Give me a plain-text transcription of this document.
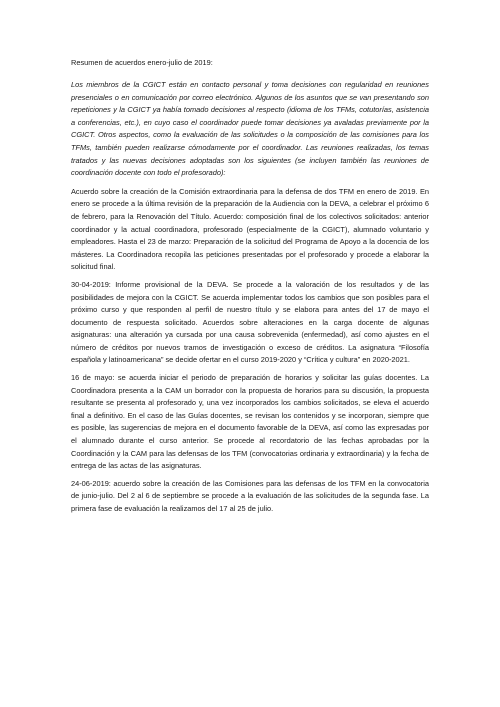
Resumen de acuerdos enero-julio de 2019:

Los miembros de la CGICT están en contacto personal y toma decisiones con regularidad en reuniones presenciales o en comunicación por correo electrónico. Algunos de los asuntos que se van presentando son repeticiones y la CGICT ya había tomado decisiones al respecto (idioma de los TFMs, cotutorías, asistencia a conferencias, etc.), en cuyo caso el coordinador puede tomar decisiones ya avaladas previamente por la CGICT. Otros aspectos, como la evaluación de las solicitudes o la composición de las comisiones para los TFMs, también pueden realizarse cómodamente por el coordinador. Las reuniones realizadas, los temas tratados y las nuevas decisiones adoptadas son los siguientes (se incluyen también las reuniones de coordinación docente con todo el profesorado):

Acuerdo sobre la creación de la Comisión extraordinaria para la defensa de dos TFM en enero de 2019. En enero se procede a la última revisión de la preparación de la Audiencia con la DEVA, a celebrar el próximo 6 de febrero, para la Renovación del Título. Acuerdo: composición final de los colectivos solicitados: anterior coordinador y la actual coordinadora, profesorado (especialmente de la CGICT), alumnado voluntario y empleadores. Hasta el 23 de marzo: Preparación de la solicitud del Programa de Apoyo a la docencia de los másteres. La Coordinadora recopila las peticiones presentadas por el profesorado y procede a elaborar la solicitud final.

30-04-2019: Informe provisional de la DEVA. Se procede a la valoración de los resultados y de las posibilidades de mejora con la CGICT. Se acuerda implementar todos los cambios que son posibles para el próximo curso y que responden al perfil de nuestro título y se elabora para antes del 17 de mayo el documento de respuesta solicitado. Acuerdos sobre alteraciones en la carga docente de algunas asignaturas: una alteración ya cursada por una causa sobrevenida (enfermedad), así como ajustes en el número de créditos por nuevos tramos de investigación o exceso de créditos. La asignatura “Filosofía española y latinoamericana” se decide ofertar en el curso 2019-2020 y “Crítica y cultura” en 2020-2021.

16 de mayo: se acuerda iniciar el periodo de preparación de horarios y solicitar las guías docentes. La Coordinadora presenta a la CAM un borrador con la propuesta de horarios para su discusión, la propuesta resultante se presenta al profesorado y, una vez incorporados los cambios solicitados, se eleva el acuerdo final a definitivo. En el caso de las Guías docentes, se revisan los contenidos y se incorporan, siempre que es posible, las sugerencias de mejora en el documento favorable de la DEVA, así como las expresadas por el alumnado durante el curso anterior. Se procede al recordatorio de las fechas aprobadas por la Coordinación y la CAM para las defensas de los TFM (convocatorias ordinaria y extraordinaria) y la fecha de entrega de las actas de las asignaturas.

24-06-2019: acuerdo sobre la creación de las Comisiones para las defensas de los TFM en la convocatoria de junio-julio. Del 2 al 6 de septiembre se procede a la evaluación de las solicitudes de la segunda fase. La primera fase de evaluación la realizamos del 17 al 25 de julio.
